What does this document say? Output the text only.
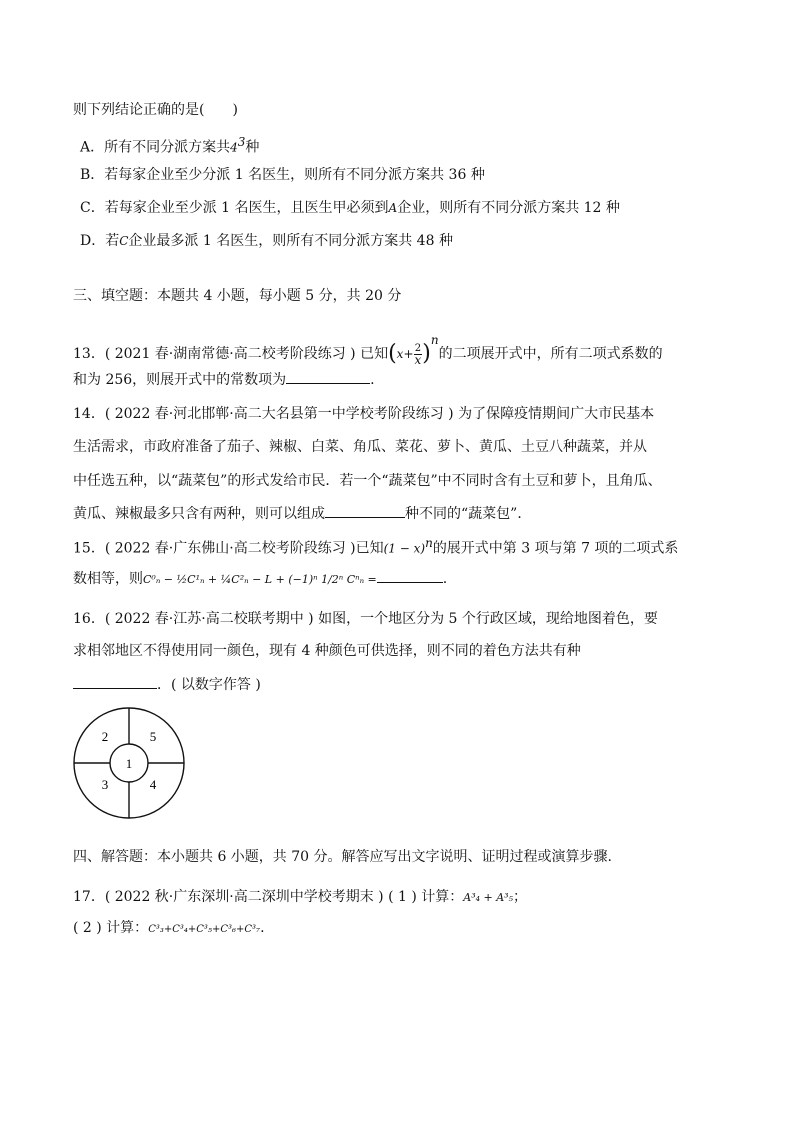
则下列结论正确的是(　　)
A．所有不同分派方案共$4^3$种
B．若每家企业至少分派 1 名医生，则所有不同分派方案共 36 种
C．若每家企业至少派 1 名医生，且医生甲必须到A企业，则所有不同分派方案共 12 种
D．若C企业最多派 1 名医生，则所有不同分派方案共 48 种
三、填空题：本题共 4 小题，每小题 5 分，共 20 分
13．( 2021 春·湖南常德·高二校考阶段练习 ) 已知$(x+ \frac{2}{x} )^n$的二项展开式中，所有二项式系数的
和为 256，则展开式中的常数项为	.
14．( 2022 春·河北邯郸·高二大名县第一中学校考阶段练习 ) 为了保障疫情期间广大市民基本
生活需求，市政府准备了茄子、辣椒、白菜、角瓜、菜花、萝卜、黄瓜、土豆八种蔬菜，并从
中任选五种，以“蔬菜包”的形式发给市民．若一个“蔬菜包”中不同时含有土豆和萝卜，且角瓜、
黄瓜、辣椒最多只含有两种，则可以组成	种不同的“蔬菜包”．
15．( 2022 春·广东佛山·高二校考阶段练习 )已知$(1 - x)^n$的展开式中第 3 项与第 7 项的二项式系
数相等，则C⁰ₙ − ½C¹ₙ + ¼C²ₙ − L + (−1)ⁿ 1/2ⁿ Cⁿₙ =	.
16．( 2022 春·江苏·高二校联考期中 ) 如图，一个地区分为 5 个行政区域，现给地图着色，要
求相邻地区不得使用同一颜色，现有 4 种颜色可供选择，则不同的着色方法共有种
．( 以数字作答 )
1
2
3	4
5
四、解答题：本小题共 6 小题，共 70 分。解答应写出文字说明、证明过程或演算步骤.
17．( 2022 秋·广东深圳·高二深圳中学校考期末 ) ( 1 ) 计算：A³₄ + A³₅；
( 2 ) 计算：C³₃+C³₄+C³₅+C³₆+C³₇.
